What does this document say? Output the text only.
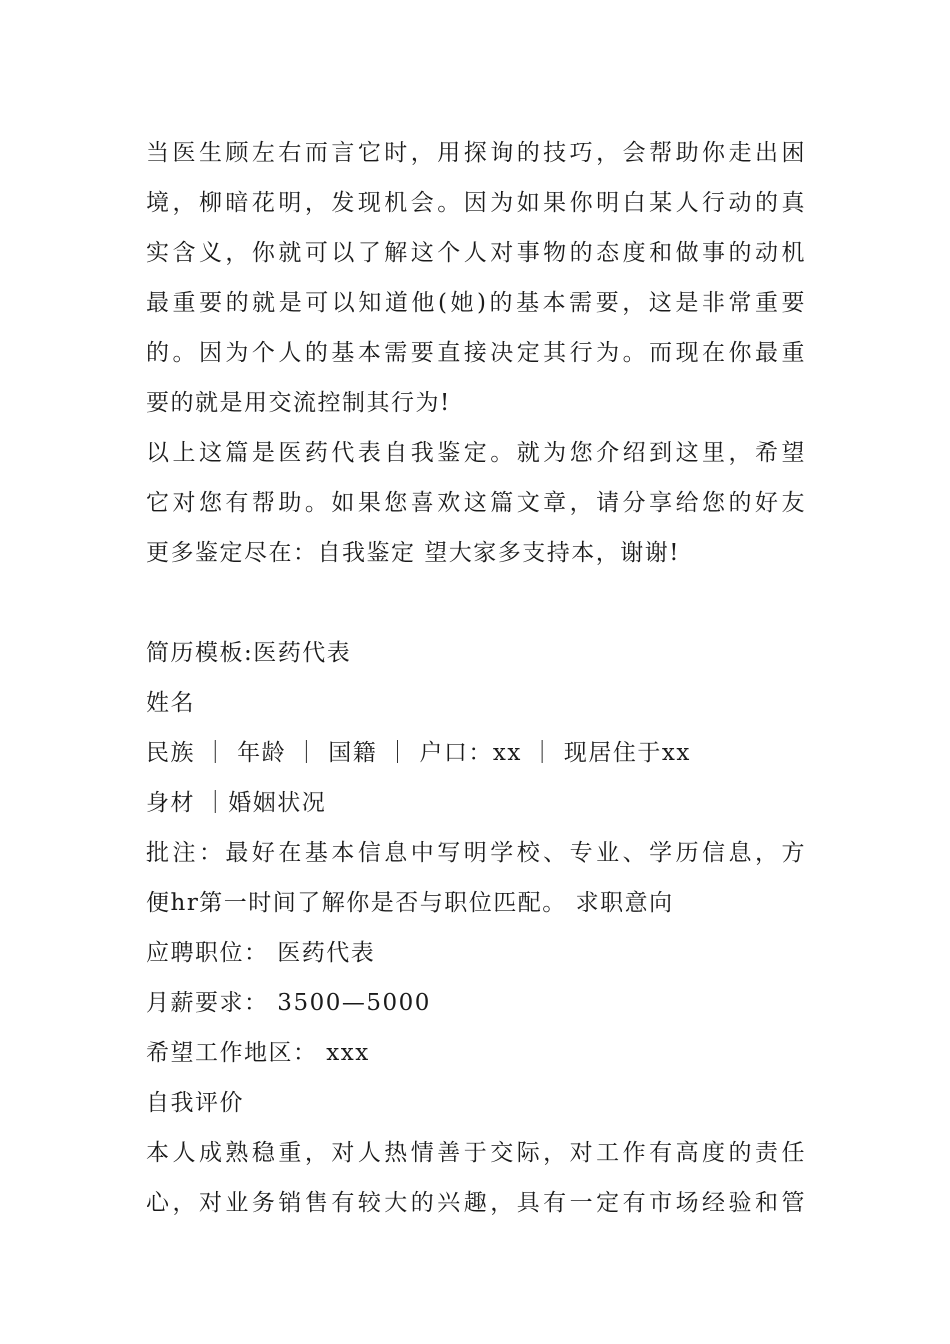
当医生顾左右而言它时，用探询的技巧，会帮助你走出困
境，柳暗花明，发现机会。因为如果你明白某人行动的真
实含义，你就可以了解这个人对事物的态度和做事的动机
最重要的就是可以知道他(她)的基本需要，这是非常重要
的。因为个人的基本需要直接决定其行为。而现在你最重
要的就是用交流控制其行为!
以上这篇是医药代表自我鉴定。就为您介绍到这里，希望
它对您有帮助。如果您喜欢这篇文章，请分享给您的好友
更多鉴定尽在：自我鉴定 望大家多支持本，谢谢!
简历模板:医药代表
姓名
民族 ｜ 年龄 ｜ 国籍 ｜ 户口：xx ｜ 现居住于xx
身材 ｜婚姻状况
批注：最好在基本信息中写明学校、专业、学历信息，方
便hr第一时间了解你是否与职位匹配。 求职意向
应聘职位： 医药代表
月薪要求： 3500—5000
希望工作地区： xxx
自我评价
本人成熟稳重，对人热情善于交际，对工作有高度的责任
心，对业务销售有较大的兴趣，具有一定有市场经验和管
